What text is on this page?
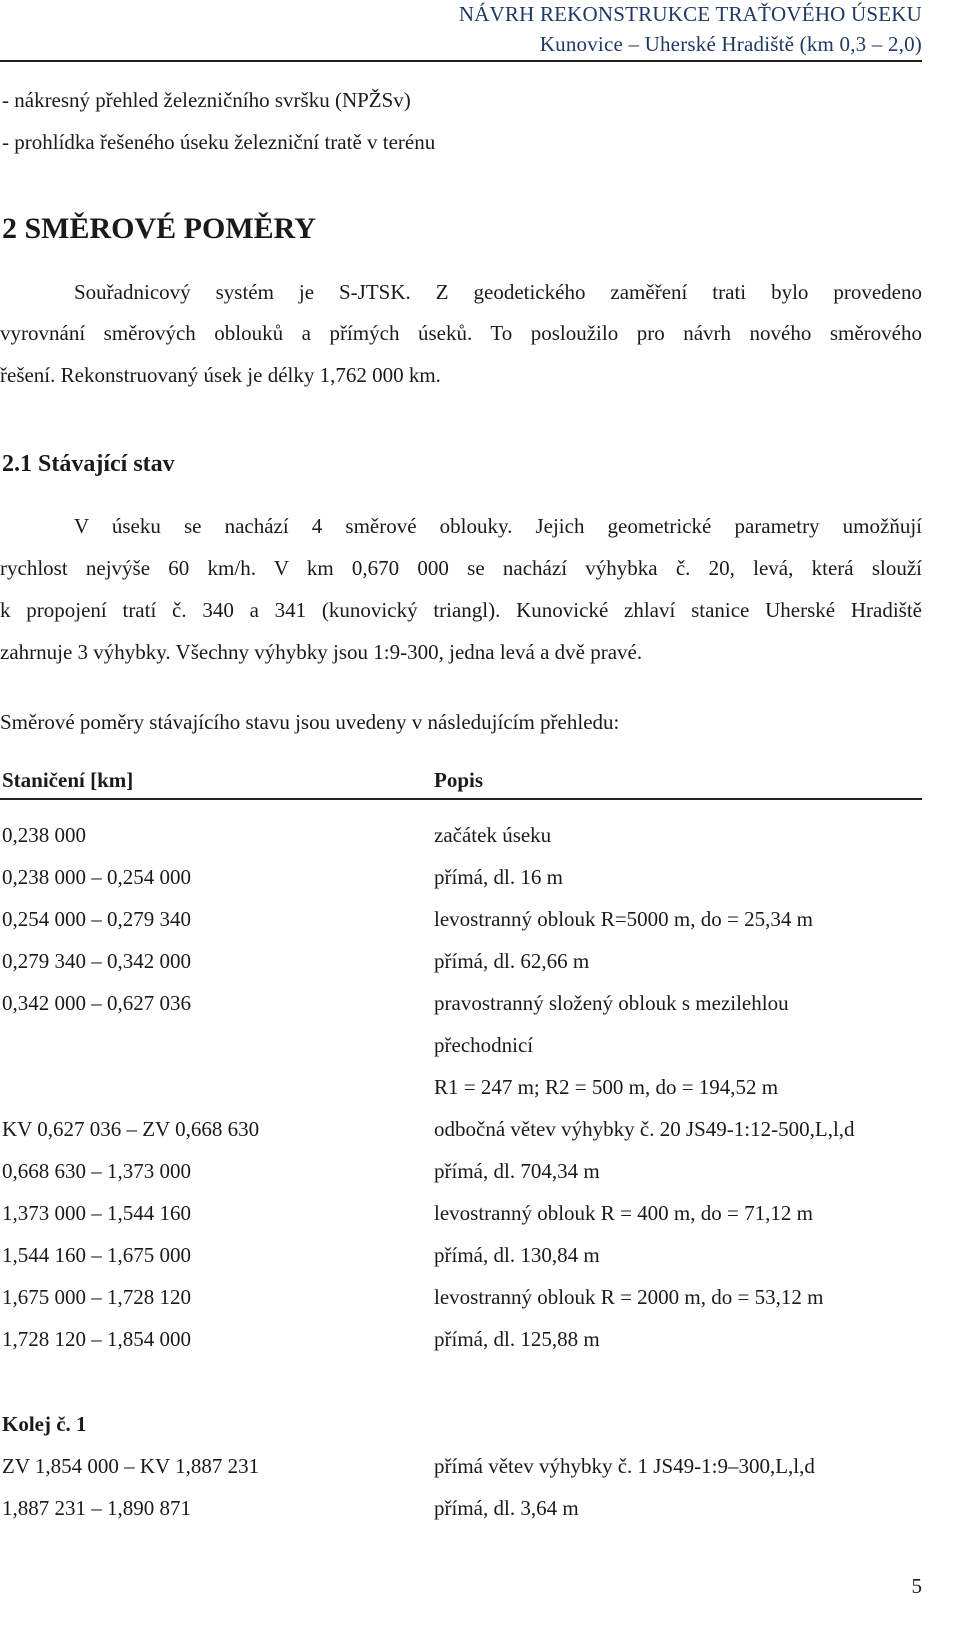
NÁVRH REKONSTRUKCE TRAŤOVÉHO ÚSEKU
Kunovice – Uherské Hradiště (km 0,3 – 2,0)
- nákresný přehled železničního svršku (NPŽSv)
- prohlídka řešeného úseku železniční tratě v terénu
2 SMĚROVÉ POMĚRY
Souřadnicový systém je S-JTSK. Z geodetického zaměření trati bylo provedeno
vyrovnání směrových oblouků a přímých úseků. To posloužilo pro návrh nového směrového
řešení. Rekonstruovaný úsek je délky 1,762 000 km.
2.1 Stávající stav
V úseku se nachází 4 směrové oblouky. Jejich geometrické parametry umožňují
rychlost nejvýše 60 km/h. V km 0,670 000 se nachází výhybka č. 20, levá, která slouží
k propojení tratí č. 340 a 341 (kunovický triangl). Kunovické zhlaví stanice Uherské Hradiště
zahrnuje 3 výhybky. Všechny výhybky jsou 1:9-300, jedna levá a dvě pravé.
Směrové poměry stávajícího stavu jsou uvedeny v následujícím přehledu:
Staničení [km]	Popis
0,238 000	začátek úseku
0,238 000 – 0,254 000	přímá, dl. 16 m
0,254 000 – 0,279 340	levostranný oblouk R=5000 m, do = 25,34 m
0,279 340 – 0,342 000	přímá, dl. 62,66 m
0,342 000 – 0,627 036	pravostranný složený oblouk s mezilehlou
přechodnicí
R1 = 247 m; R2 = 500 m, do = 194,52 m
KV 0,627 036 – ZV 0,668 630	odbočná větev výhybky č. 20 JS49-1:12-500,L,l,d
0,668 630 – 1,373 000	přímá, dl. 704,34 m
1,373 000 – 1,544 160	levostranný oblouk R = 400 m, do = 71,12 m
1,544 160 – 1,675 000	přímá, dl. 130,84 m
1,675 000 – 1,728 120	levostranný oblouk R = 2000 m, do = 53,12 m
1,728 120 – 1,854 000	přímá, dl. 125,88 m
Kolej č. 1
ZV 1,854 000 – KV 1,887 231	přímá větev výhybky č. 1 JS49-1:9–300,L,l,d
1,887 231 – 1,890 871	přímá, dl. 3,64 m
5
